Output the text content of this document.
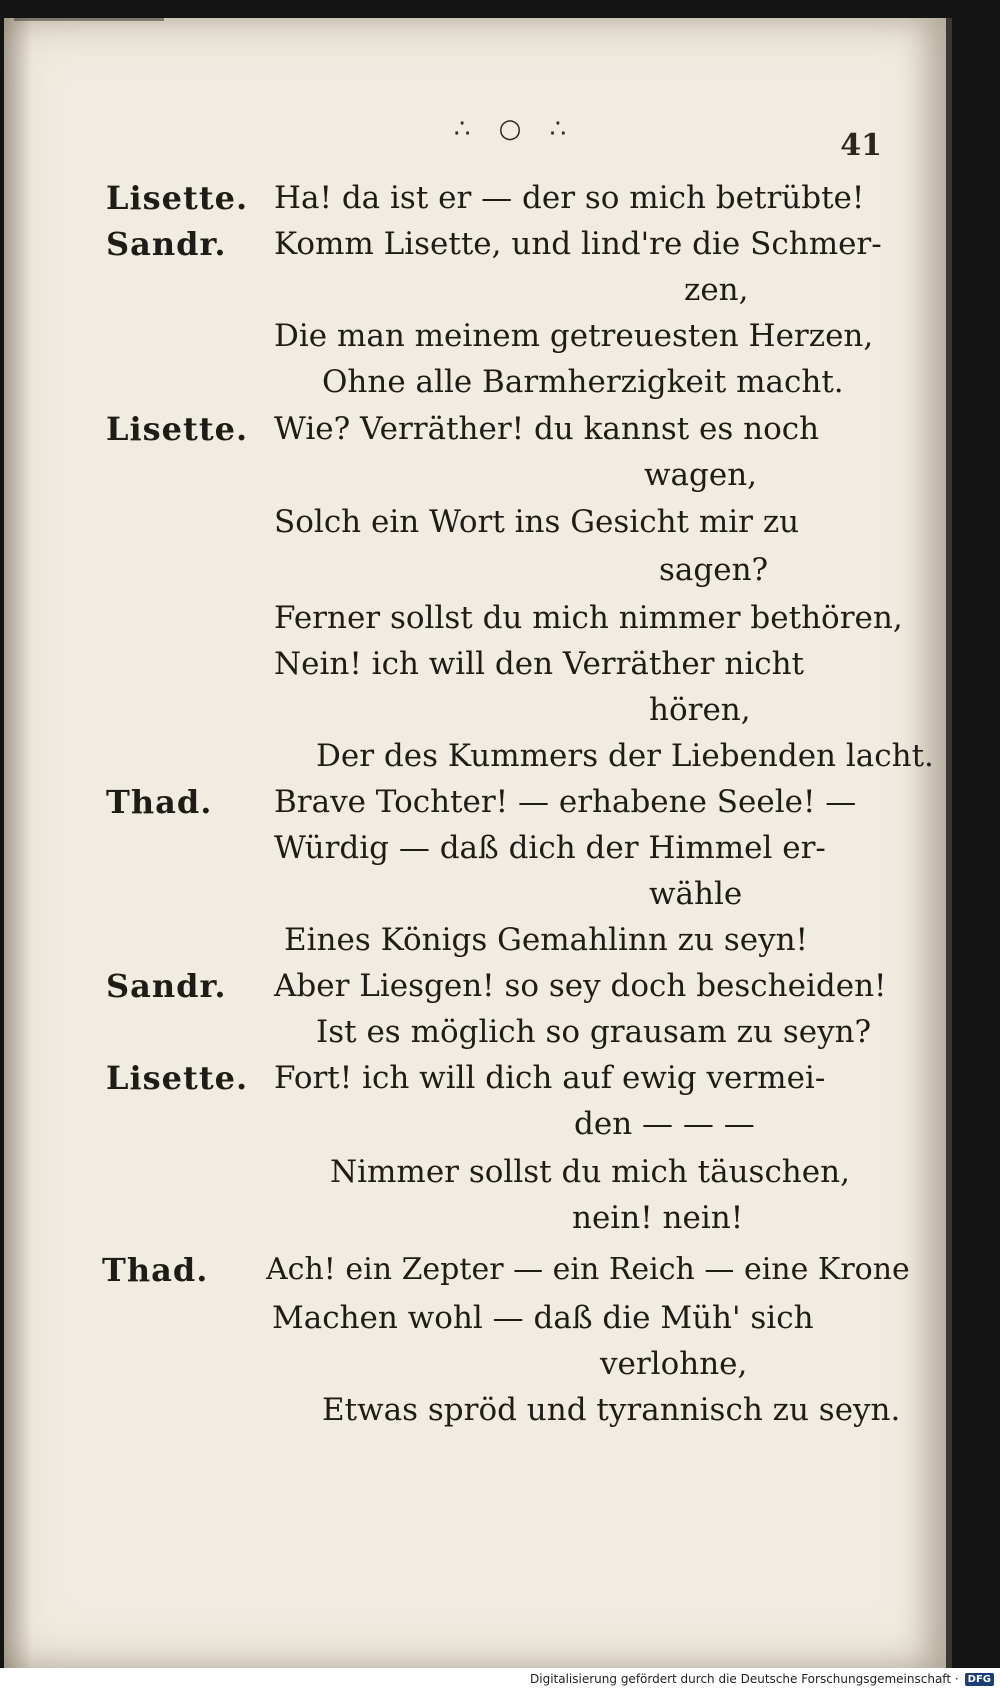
∴ ○ ∴	41
Lisette. Ha! da ist er — der so mich betrübte!
Sandr. Komm Lisette, und lind're die Schmer-
zen,
Die man meinem getreuesten Herzen,
Ohne alle Barmherzigkeit macht.
Lisette. Wie? Verräther! du kannst es noch
wagen,
Solch ein Wort ins Gesicht mir zu
sagen?
Ferner sollst du mich nimmer bethören,
Nein! ich will den Verräther nicht
hören,
Der des Kummers der Liebenden lacht.
Thad. Brave Tochter! — erhabene Seele! —
Würdig — daß dich der Himmel er-
wähle
Eines Königs Gemahlinn zu seyn!
Sandr. Aber Liesgen! so sey doch bescheiden!
Ist es möglich so grausam zu seyn?
Lisette. Fort! ich will dich auf ewig vermei-
den — — —
Nimmer sollst du mich täuschen,
nein! nein!
Thad. Ach! ein Zepter — ein Reich — eine Krone
Machen wohl — daß die Müh' sich
verlohne,
Etwas spröd und tyrannisch zu seyn.
Digitalisierung gefördert durch die Deutsche Forschungsgemeinschaft · DFG
